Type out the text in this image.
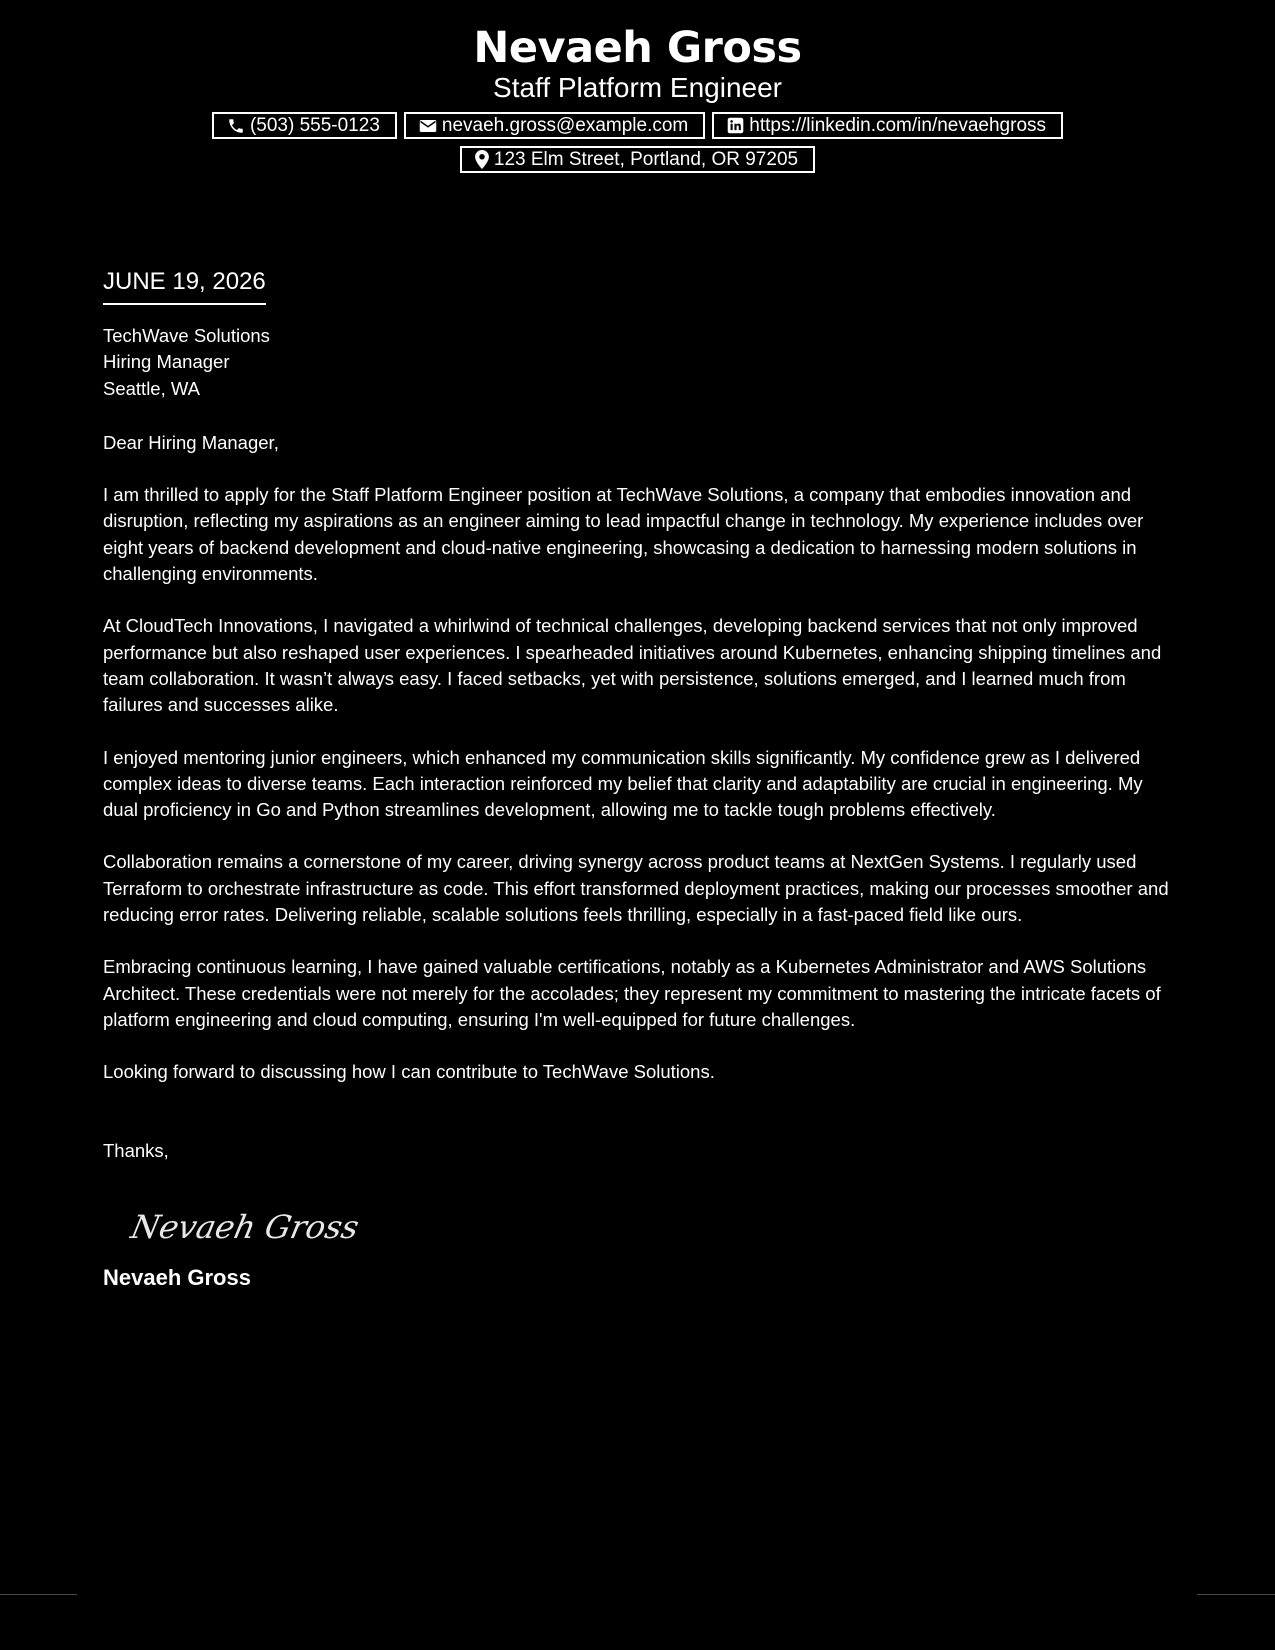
Nevaeh Gross
Staff Platform Engineer
(503) 555-0123	nevaeh.gross@example.com	https://linkedin.com/in/nevaehgross
123 Elm Street, Portland, OR 97205
JUNE 19, 2026
TechWave Solutions
Hiring Manager
Seattle, WA
Dear Hiring Manager,
I am thrilled to apply for the Staff Platform Engineer position at TechWave Solutions, a company that embodies innovation and disruption, reflecting my aspirations as an engineer aiming to lead impactful change in technology. My experience includes over eight years of backend development and cloud-native engineering, showcasing a dedication to harnessing modern solutions in challenging environments.
At CloudTech Innovations, I navigated a whirlwind of technical challenges, developing backend services that not only improved performance but also reshaped user experiences. I spearheaded initiatives around Kubernetes, enhancing shipping timelines and team collaboration. It wasn’t always easy. I faced setbacks, yet with persistence, solutions emerged, and I learned much from failures and successes alike.
I enjoyed mentoring junior engineers, which enhanced my communication skills significantly. My confidence grew as I delivered complex ideas to diverse teams. Each interaction reinforced my belief that clarity and adaptability are crucial in engineering. My dual proficiency in Go and Python streamlines development, allowing me to tackle tough problems effectively.
Collaboration remains a cornerstone of my career, driving synergy across product teams at NextGen Systems. I regularly used Terraform to orchestrate infrastructure as code. This effort transformed deployment practices, making our processes smoother and reducing error rates. Delivering reliable, scalable solutions feels thrilling, especially in a fast-paced field like ours.
Embracing continuous learning, I have gained valuable certifications, notably as a Kubernetes Administrator and AWS Solutions Architect. These credentials were not merely for the accolades; they represent my commitment to mastering the intricate facets of platform engineering and cloud computing, ensuring I'm well-equipped for future challenges.
Looking forward to discussing how I can contribute to TechWave Solutions.
Thanks,
Nevaeh Gross
Nevaeh Gross
